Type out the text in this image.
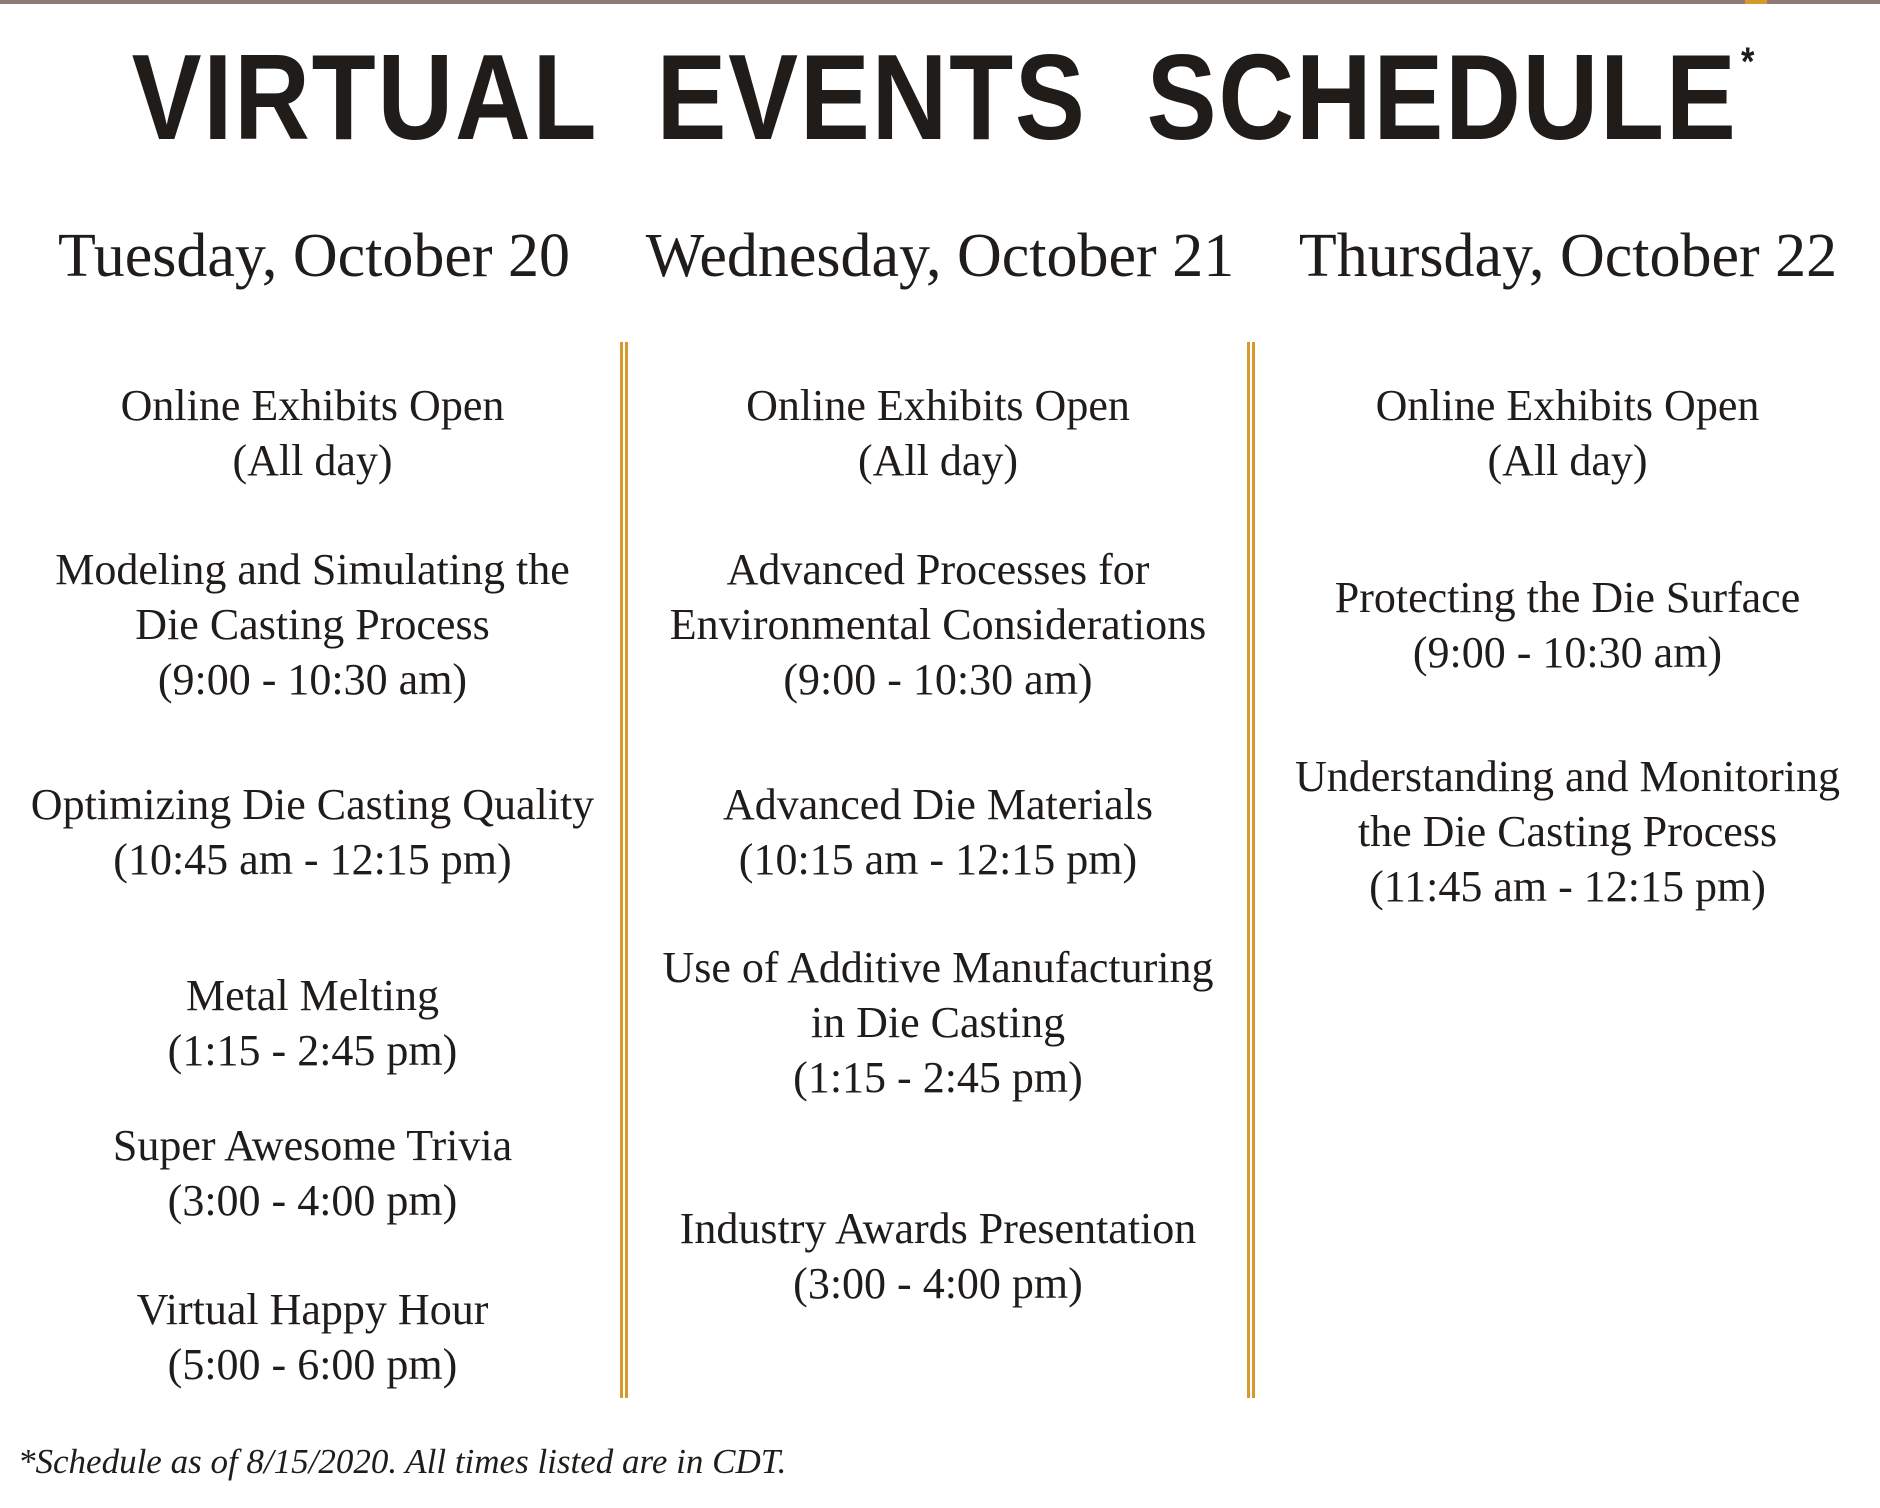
VIRTUAL EVENTS SCHEDULE*
Tuesday, October 20 Wednesday, October 21 Thursday, October 22
Online Exhibits Open
(All day)
Modeling and Simulating the
Die Casting Process
(9:00 - 10:30 am)
Optimizing Die Casting Quality
(10:45 am - 12:15 pm)
Metal Melting
(1:15 - 2:45 pm)
Super Awesome Trivia
(3:00 - 4:00 pm)
Virtual Happy Hour
(5:00 - 6:00 pm)
Online Exhibits Open
(All day)
Advanced Processes for
Environmental Considerations
(9:00 - 10:30 am)
Advanced Die Materials
(10:15 am - 12:15 pm)
Use of Additive Manufacturing
in Die Casting
(1:15 - 2:45 pm)
Industry Awards Presentation
(3:00 - 4:00 pm)
Online Exhibits Open
(All day)
Protecting the Die Surface
(9:00 - 10:30 am)
Understanding and Monitoring
the Die Casting Process
(11:45 am - 12:15 pm)
*Schedule as of 8/15/2020. All times listed are in CDT.
